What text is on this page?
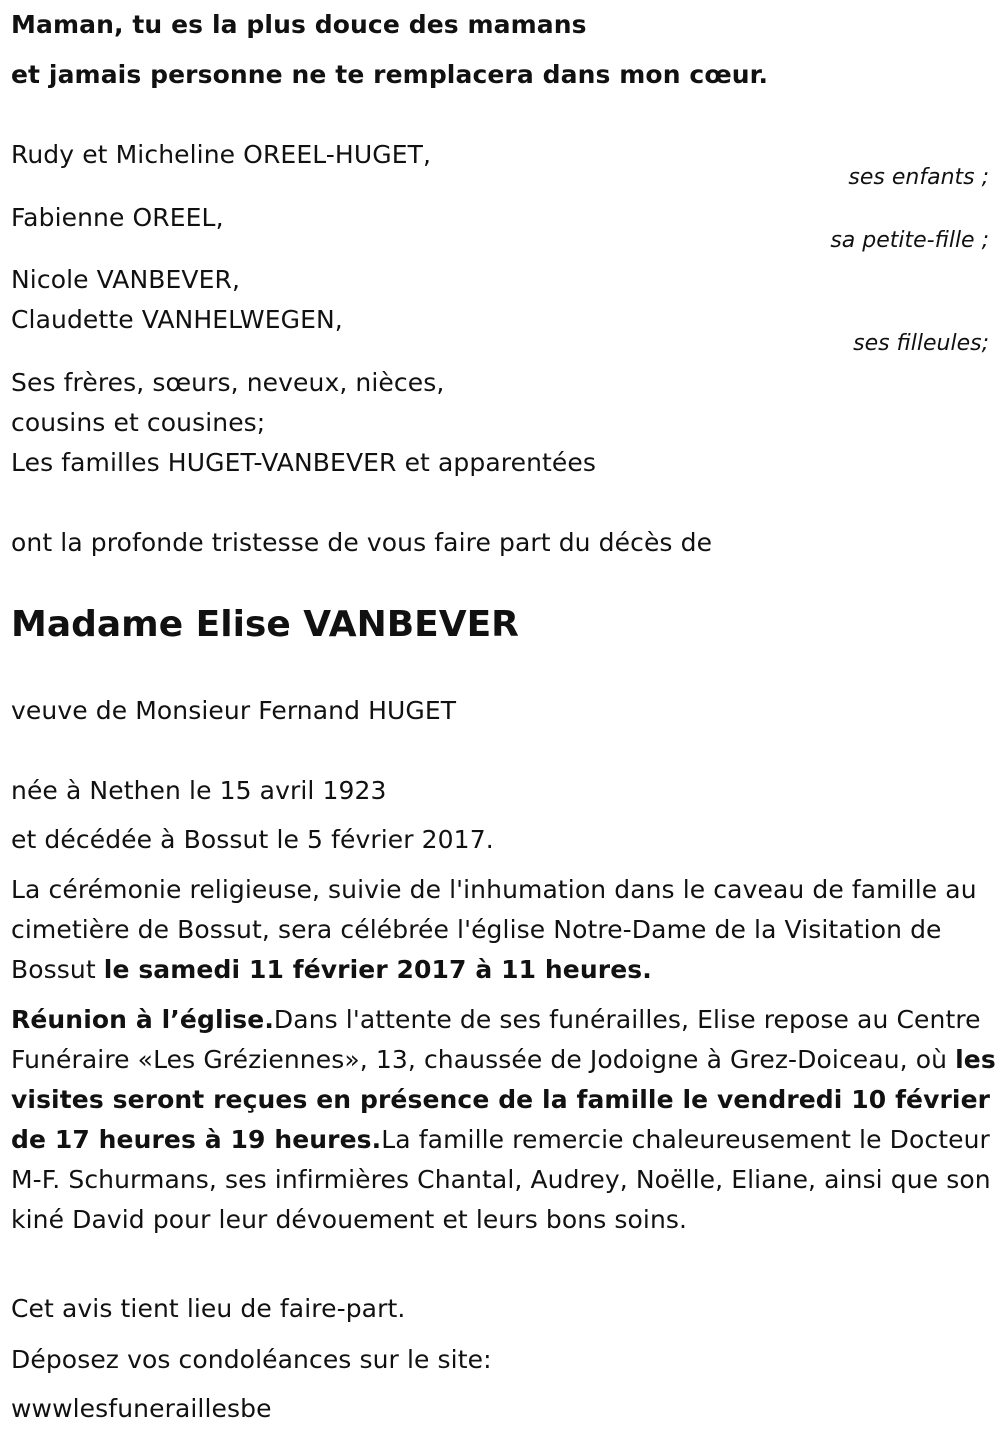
Maman, tu es la plus douce des mamans
et jamais personne ne te remplacera dans mon cœur.
Rudy et Micheline OREEL-HUGET,
ses enfants ;
Fabienne OREEL,
sa petite-fille ;
Nicole VANBEVER,
Claudette VANHELWEGEN,
ses filleules;
Ses frères, sœurs, neveux, nièces,
cousins et cousines;
Les familles HUGET-VANBEVER et apparentées
ont la profonde tristesse de vous faire part du décès de
Madame Elise VANBEVER
veuve de Monsieur Fernand HUGET
née à Nethen le 15 avril 1923
et décédée à Bossut le 5 février 2017.
La cérémonie religieuse, suivie de l'inhumation dans le caveau de famille au cimetière de Bossut, sera célébrée l'église Notre-Dame de la Visitation de Bossut le samedi 11 février 2017 à 11 heures.
Réunion à l’église.Dans l'attente de ses funérailles, Elise repose au Centre Funéraire «Les Gréziennes», 13, chaussée de Jodoigne à Grez-Doiceau, où les visites seront reçues en présence de la famille le vendredi 10 février de 17 heures à 19 heures.La famille remercie chaleureusement le Docteur M-F. Schurmans, ses infirmières Chantal, Audrey, Noëlle, Eliane, ainsi que son kiné David pour leur dévouement et leurs bons soins.
Cet avis tient lieu de faire-part.
Déposez vos condoléances sur le site:
wwwlesfuneraillesbe
